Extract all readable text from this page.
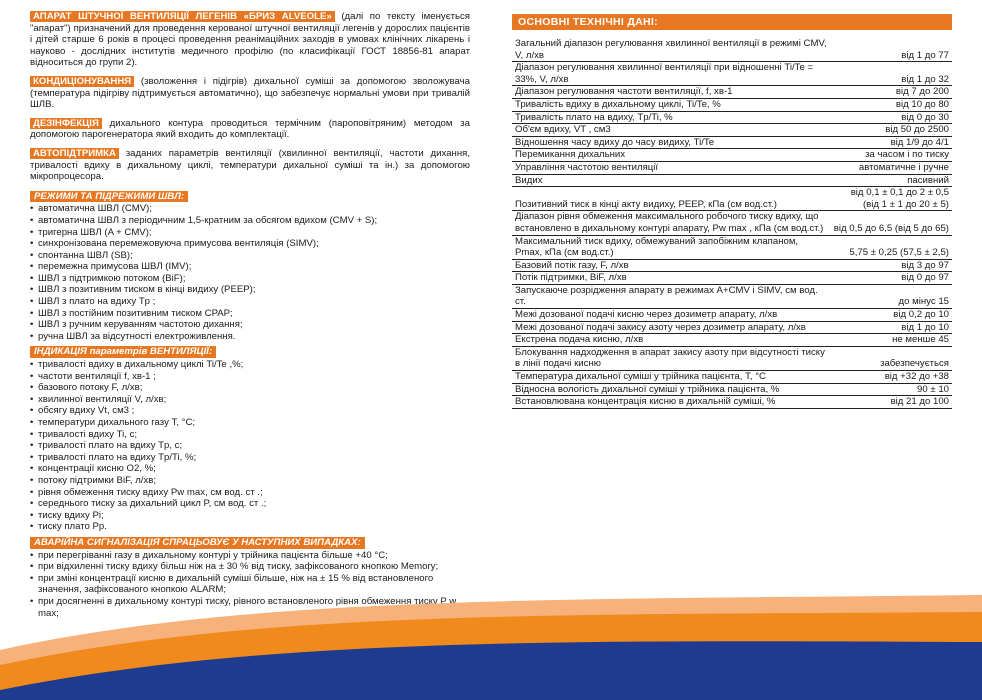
АПАРАТ ШТУЧНОЇ ВЕНТИЛЯЦІЇ ЛЕГЕНІВ «БРИЗ ALVEOLE» (далі по тексту іменується "апарат") призначений для проведення керованої штучної вентиляції легенів у дорослих пацієнтів і дітей старше 6 років в процесі проведення реанімаційних заходів в умовах клінічних лікарень і науково - дослідних інститутів медичного профілю (по класифікації ГОСТ 18856-81 апарат відноситься до групи 2).
КОНДИЦІОНУВАННЯ (зволоження і підігрів) дихальної суміші за допомогою зволожувача (температура підігріву підтримується автоматично), що забезпечує нормальні умови при тривалій ШЛВ.
ДЕЗІНФЕКЦІЯ дихального контура проводиться термічним (пароповітряним) методом за допомогою парогенератора який входить до комплектації.
АВТОПІДТРИМКА заданих параметрів вентиляції (хвилинної вентиляції, частоти дихання, тривалості вдиху в дихальному циклі, температури дихальної суміші та ін.) за допомогою мікропроцесора.
РЕЖИМИ ТА ПІДРЕЖИМИ ШВЛ:
• автоматична ШВЛ (CMV);
• автоматична ШВЛ з періодичним 1,5-кратним за обсягом вдихом (CMV + S);
• тригерна ШВЛ (A + CMV);
• синхронізована перемежовуюча примусова вентиляція (SIMV);
• спонтанна ШВЛ (SB);
• перемежна примусова ШВЛ (IMV);
• ШВЛ з підтримкою потоком (BiF);
• ШВЛ з позитивним тиском в кінці видиху (PEEP);
• ШВЛ з плато на вдиху Tp ;
• ШВЛ з постійним позитивним тиском CPAP;
• ШВЛ з ручним керуванням частотою дихання;
• ручна ШВЛ за відсутності електроживлення.
ІНДИКАЦІЯ параметрів ВЕНТИЛЯЦІЇ:
• тривалості вдиху в дихальному циклі Ti/Te ,%;
• частоти вентиляції f, хв-1 ;
• базового потоку F, л/хв;
• хвилинної вентиляції V, л/хв;
• обсягу вдиху Vt, см3 ;
• температури дихального газу T, °C;
• тривалості вдиху Ti, с;
• тривалості плато на вдиху Tp, с;
• тривалості плато на вдиху Tp/Ti, %;
• концентрації кисню O2, %;
• потоку підтримки BiF, л/хв;
• рівня обмеження тиску вдиху Pw max, см вод. ст .;
• середнього тиску за дихальний цикл P, см вод. ст .;
• тиску вдиху Pi;
• тиску плато Pp.
АВАРІЙНА СИГНАЛІЗАЦІЯ СПРАЦЬОВУЄ У НАСТУПНИХ ВИПАДКАХ:
• при перегріванні газу в дихальному контурі у трійника пацієнта більше +40 °C;
• при відхиленні тиску вдиху більш ніж на ± 30 % від тиску, зафіксованого кнопкою Memory;
• при зміні концентрації кисню в дихальній суміші більше, ніж на ± 15 % від встановленого значення, зафіксованого кнопкою ALARM;
• при досягненні в дихальному контурі тиску, рівного встановленого рівня обмеження тиску P w max;
ОСНОВНІ ТЕХНІЧНІ ДАНІ:
Загальний діапазон регулювання хвилинної вентиляції в режимі CMV, V, л/хв	від 1 до 77
Діапазон регулювання хвилинної вентиляції при відношенні Ti/Te = 33%, V, л/хв	від 1 до 32
Діапазон регулювання частоти вентиляції, f, хв-1	від 7 до 200
Тривалість вдиху в дихальному циклі, Ti/Te, %	від 10 до 80
Тривалість плато на вдиху, Tp/Ti, %	від 0 до 30
Об'єм вдиху, VT , см3	від 50 до 2500
Відношення часу вдиху до часу видиху, Ti/Te	від 1/9 до 4/1
Перемикання дихальних	за часом і по тиску
Управління частотою вентиляції	автоматичне і ручне
Видих	пасивний
Позитивний тиск в кінці акту видиху, PEEP, кПа (см вод.ст.)	від 0,1 ± 0,1 до 2 ± 0,5
(від 1 ± 1 до 20 ± 5)
Діапазон рівня обмеження максимального робочого тиску вдиху, що встановлено в дихальному контурі апарату, Pw max , кПа (см вод.ст.)	від 0,5 до 6,5 (від 5 до 65)
Максимальний тиск вдиху, обмежуваний запобіжним клапаном, Pmax, кПа (см вод.ст.)	5,75 ± 0,25 (57,5 ± 2,5)
Базовий потік газу, F, л/хв	від 3 до 97
Потік підтримки, BiF, л/хв	від 0 до 97
Запускаюче розрідження апарату в режимах A+CMV і SIMV, см вод. ст.	до мінус 15
Межі дозованої подачі кисню через дозиметр апарату, л/хв	від 0,2 до 10
Межі дозованої подачі закису азоту через дозиметр апарату, л/хв	від 1 до 10
Екстрена подача кисню, л/хв	не менше 45
Блокування надходження в апарат закису азоту при відсутності тиску в лінії подачі кисню	забезпечується
Температура дихальної суміші у трійника пацієнта, T, °C	від +32 до +38
Відносна вологість дихальної суміші у трійника пацієнта, %	90 ± 10
Встановлювана концентрація кисню в дихальній суміші, %	від 21 до 100
